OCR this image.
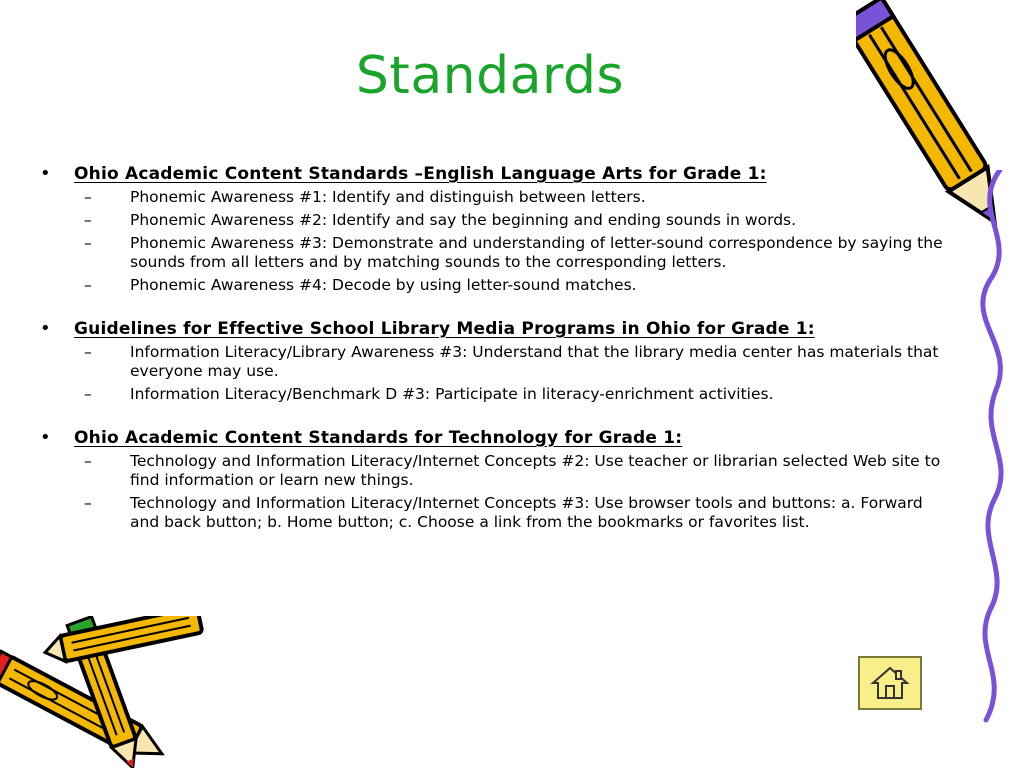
Standards
•	Ohio Academic Content Standards –English Language Arts for Grade 1:
–	Phonemic Awareness #1: Identify and distinguish between letters.
–	Phonemic Awareness #2: Identify and say the beginning and ending sounds in words.
–	Phonemic Awareness #3: Demonstrate and understanding of letter-sound correspondence by saying the sounds from all letters and by matching sounds to the corresponding letters.
–	Phonemic Awareness #4: Decode by using letter-sound matches.
•	Guidelines for Effective School Library Media Programs in Ohio for Grade 1:
–	Information Literacy/Library Awareness #3: Understand that the library media center has materials that everyone may use.
–	Information Literacy/Benchmark D #3: Participate in literacy-enrichment activities.
•	Ohio Academic Content Standards for Technology for Grade 1:
–	Technology and Information Literacy/Internet Concepts #2: Use teacher or librarian selected Web site to find information or learn new things.
–	Technology and Information Literacy/Internet Concepts #3: Use browser tools and buttons: a. Forward and back button; b. Home button; c. Choose a link from the bookmarks or favorites list.
